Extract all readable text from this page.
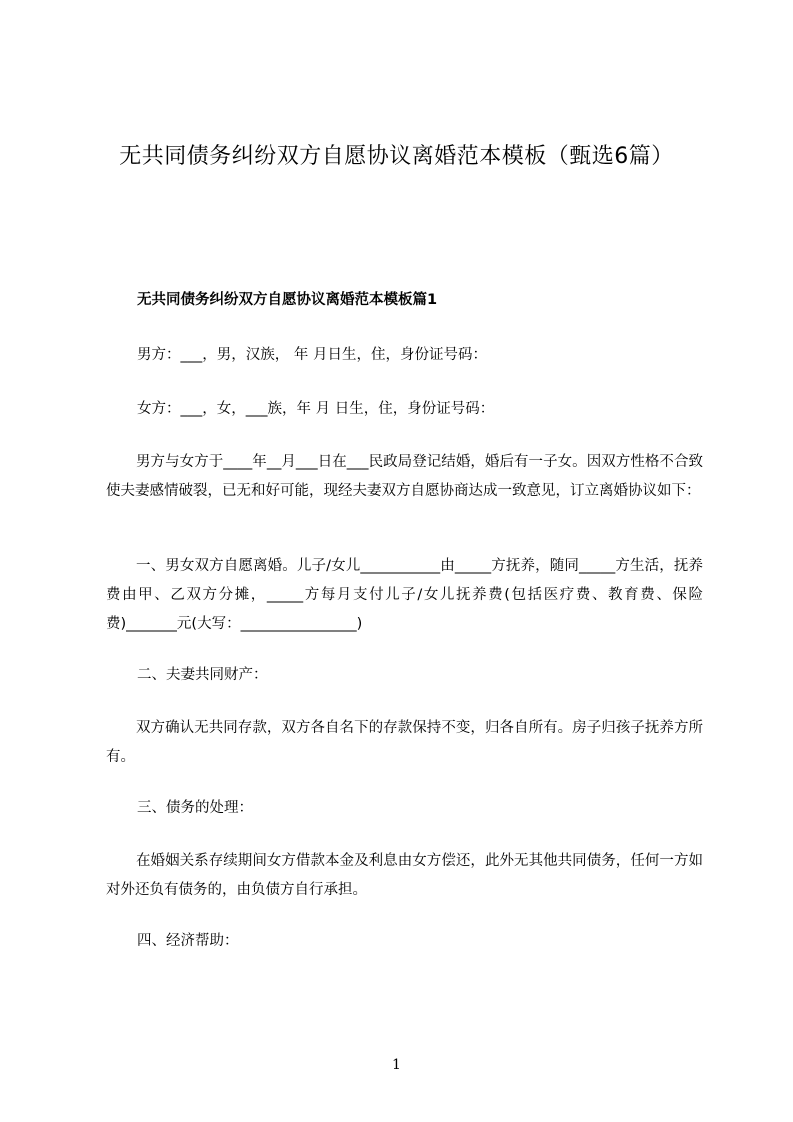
无共同债务纠纷双方自愿协议离婚范本模板（甄选6篇）
无共同债务纠纷双方自愿协议离婚范本模板篇1

男方：___，男，汉族， 年 月日生，住，身份证号码：

女方：___，女，___族，年 月 日生，住，身份证号码：

男方与女方于____年__月___日在___民政局登记结婚，婚后有一子女。因双方性格不合致使夫妻感情破裂，已无和好可能，现经夫妻双方自愿协商达成一致意见，订立离婚协议如下：

一、男女双方自愿离婚。儿子/女儿___________由_____方抚养，随同_____方生活，抚养费由甲、乙双方分摊，_____方每月支付儿子/女儿抚养费(包括医疗费、教育费、保险费)_______元(大写：________________)

二、夫妻共同财产：

双方确认无共同存款，双方各自名下的存款保持不变，归各自所有。房子归孩子抚养方所有。

三、债务的处理：

在婚姻关系存续期间女方借款本金及利息由女方偿还，此外无其他共同债务，任何一方如对外还负有债务的，由负债方自行承担。

四、经济帮助：

1
